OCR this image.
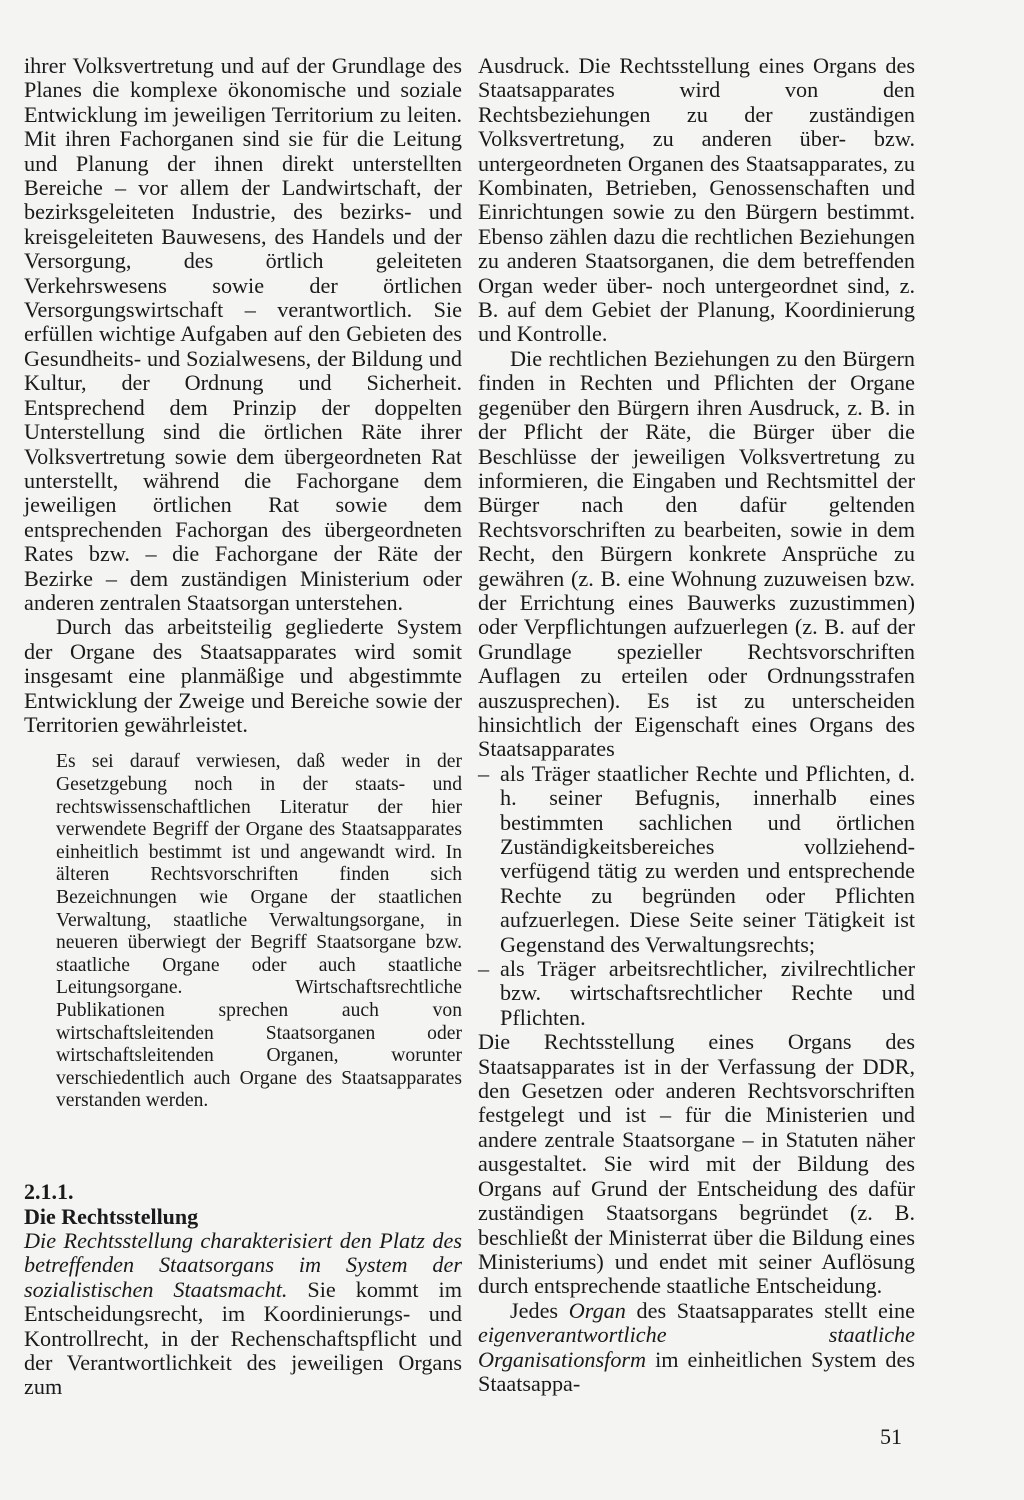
ihrer Volksvertretung und auf der Grundlage des Planes die komplexe ökonomische und soziale Entwicklung im jeweiligen Territorium zu leiten. Mit ihren Fachorganen sind sie für die Leitung und Planung der ihnen direkt unterstellten Bereiche – vor allem der Landwirtschaft, der bezirksgeleiteten Industrie, des bezirks- und kreisgeleiteten Bauwesens, des Handels und der Versorgung, des örtlich geleiteten Verkehrswesens sowie der örtlichen Versorgungswirtschaft – verantwortlich. Sie erfüllen wichtige Aufgaben auf den Gebieten des Gesundheits- und Sozialwesens, der Bildung und Kultur, der Ordnung und Sicherheit. Entsprechend dem Prinzip der doppelten Unterstellung sind die örtlichen Räte ihrer Volksvertretung sowie dem übergeordneten Rat unterstellt, während die Fachorgane dem jeweiligen örtlichen Rat sowie dem entsprechenden Fachorgan des übergeordneten Rates bzw. – die Fachorgane der Räte der Bezirke – dem zuständigen Ministerium oder anderen zentralen Staatsorgan unterstehen.

Durch das arbeitsteilig gegliederte System der Organe des Staatsapparates wird somit insgesamt eine planmäßige und abgestimmte Entwicklung der Zweige und Bereiche sowie der Territorien gewährleistet.

Es sei darauf verwiesen, daß weder in der Gesetzgebung noch in der staats- und rechtswissenschaftlichen Literatur der hier verwendete Begriff der Organe des Staatsapparates einheitlich bestimmt ist und angewandt wird. In älteren Rechtsvorschriften finden sich Bezeichnungen wie Organe der staatlichen Verwaltung, staatliche Verwaltungsorgane, in neueren überwiegt der Begriff Staatsorgane bzw. staatliche Organe oder auch staatliche Leitungsorgane. Wirtschaftsrechtliche Publikationen sprechen auch von wirtschaftsleitenden Staatsorganen oder wirtschaftsleitenden Organen, worunter verschiedentlich auch Organe des Staatsapparates verstanden werden.

2.1.1.
Die Rechtsstellung

Die Rechtsstellung charakterisiert den Platz des betreffenden Staatsorgans im System der sozialistischen Staatsmacht. Sie kommt im Entscheidungsrecht, im Koordinierungs- und Kontrollrecht, in der Rechenschaftspflicht und der Verantwortlichkeit des jeweiligen Organs zum

Ausdruck. Die Rechtsstellung eines Organs des Staatsapparates wird von den Rechtsbeziehungen zu der zuständigen Volksvertretung, zu anderen über- bzw. untergeordneten Organen des Staatsapparates, zu Kombinaten, Betrieben, Genossenschaften und Einrichtungen sowie zu den Bürgern bestimmt. Ebenso zählen dazu die rechtlichen Beziehungen zu anderen Staatsorganen, die dem betreffenden Organ weder über- noch untergeordnet sind, z. B. auf dem Gebiet der Planung, Koordinierung und Kontrolle.

Die rechtlichen Beziehungen zu den Bürgern finden in Rechten und Pflichten der Organe gegenüber den Bürgern ihren Ausdruck, z. B. in der Pflicht der Räte, die Bürger über die Beschlüsse der jeweiligen Volksvertretung zu informieren, die Eingaben und Rechtsmittel der Bürger nach den dafür geltenden Rechtsvorschriften zu bearbeiten, sowie in dem Recht, den Bürgern konkrete Ansprüche zu gewähren (z. B. eine Wohnung zuzuweisen bzw. der Errichtung eines Bauwerks zuzustimmen) oder Verpflichtungen aufzuerlegen (z. B. auf der Grundlage spezieller Rechtsvorschriften Auflagen zu erteilen oder Ordnungsstrafen auszusprechen). Es ist zu unterscheiden hinsichtlich der Eigenschaft eines Organs des Staatsapparates

– als Träger staatlicher Rechte und Pflichten, d. h. seiner Befugnis, innerhalb eines bestimmten sachlichen und örtlichen Zuständigkeitsbereiches vollziehend-verfügend tätig zu werden und entsprechende Rechte zu begründen oder Pflichten aufzuerlegen. Diese Seite seiner Tätigkeit ist Gegenstand des Verwaltungsrechts;
– als Träger arbeitsrechtlicher, zivilrechtlicher bzw. wirtschaftsrechtlicher Rechte und Pflichten.

Die Rechtsstellung eines Organs des Staatsapparates ist in der Verfassung der DDR, den Gesetzen oder anderen Rechtsvorschriften festgelegt und ist – für die Ministerien und andere zentrale Staatsorgane – in Statuten näher ausgestaltet. Sie wird mit der Bildung des Organs auf Grund der Entscheidung des dafür zuständigen Staatsorgans begründet (z. B. beschließt der Ministerrat über die Bildung eines Ministeriums) und endet mit seiner Auflösung durch entsprechende staatliche Entscheidung.

Jedes Organ des Staatsapparates stellt eine eigenverantwortliche staatliche Organisationsform im einheitlichen System des Staatsappa-

51
